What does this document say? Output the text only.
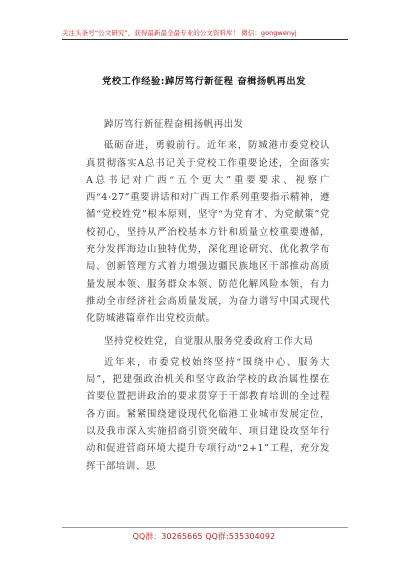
关注头条号“公文研究”，获得最新最全最专业的公文资料库！ 微信：gongwenyj
党校工作经验:踔厉笃行新征程 奋楫扬帆再出发

踔厉笃行新征程奋楫扬帆再出发

砥砺奋进，勇毅前行。近年来，防城港市委党校认真贯彻落实A总书记关于党校工作重要论述，全面落实A总书记对广西“五个更大”重要要求、视察广西“4·27”重要讲话和对广西工作系列重要指示精神，遵循“党校姓党”根本原则，坚守“为党育才、为党献策”党校初心，坚持从严治校基本方针和质量立校重要遵循，充分发挥海边山独特优势，深化理论研究、优化教学布局、创新管理方式着力增强边疆民族地区干部推动高质量发展本领、服务群众本领、防范化解风险本领，有力推动全市经济社会高质量发展，为奋力谱写中国式现代化防城港篇章作出党校贡献。

坚持党校姓党，自觉服从服务党委政府工作大局

近年来，市委党校始终坚持“围绕中心、服务大局”，把建强政治机关和坚守政治学校的政治属性摆在首要位置把讲政治的要求贯穿于干部教育培训的全过程各方面。紧紧围绕建设现代化临港工业城市发展定位，以及我市深入实施招商引资突破年、项目建设攻坚年行动和促进营商环境大提升专项行动“2+1”工程，充分发挥干部培训、思

QQ群：30265665 QQ群:535304092
